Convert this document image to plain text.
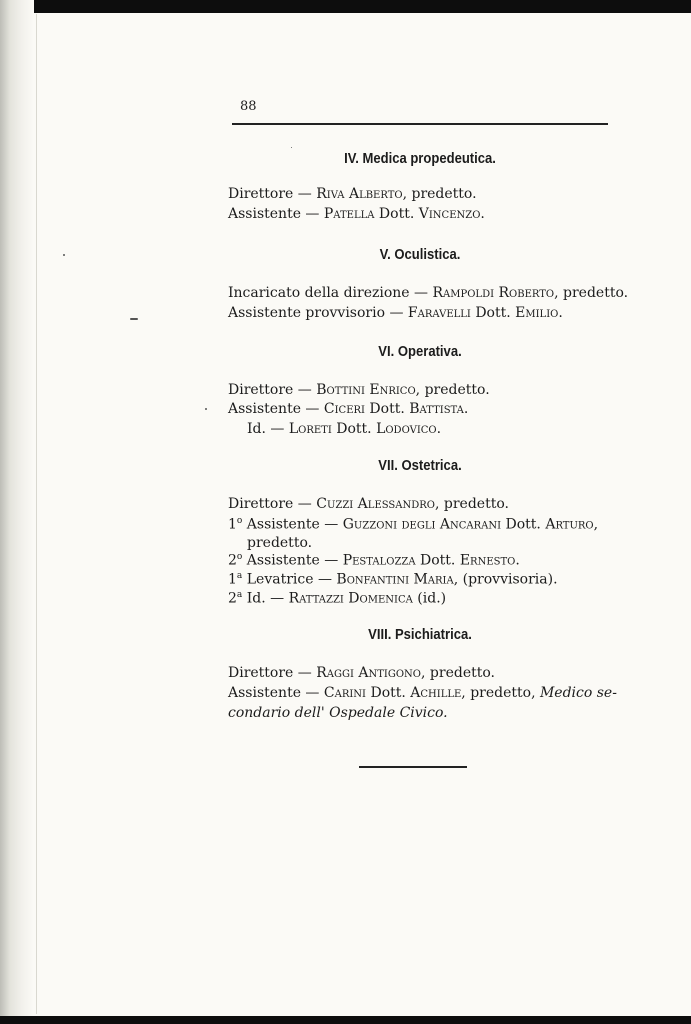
88
IV. Medica propedeutica.
Direttore — Riva Alberto, predetto.
Assistente — Patella Dott. Vincenzo.
V. Oculistica.
Incaricato della direzione — Rampoldi Roberto, predetto.
Assistente provvisorio — Faravelli Dott. Emilio.
VI. Operativa.
Direttore — Bottini Enrico, predetto.
Assistente — Ciceri Dott. Battista.
Id. — Loreti Dott. Lodovico.
VII. Ostetrica.
Direttore — Cuzzi Alessandro, predetto.
1$^o$ Assistente — Guzzoni degli Ancarani Dott. Arturo,
predetto.
2$^o$ Assistente — Pestalozza Dott. Ernesto.
1$^a$ Levatrice — Bonfantini Maria, (provvisoria).
2$^a$ Id. — Rattazzi Domenica (id.)
VIII. Psichiatrica.
Direttore — Raggi Antigono, predetto.
Assistente — Carini Dott. Achille, predetto, Medico se-
condario dell' Ospedale Civico.
